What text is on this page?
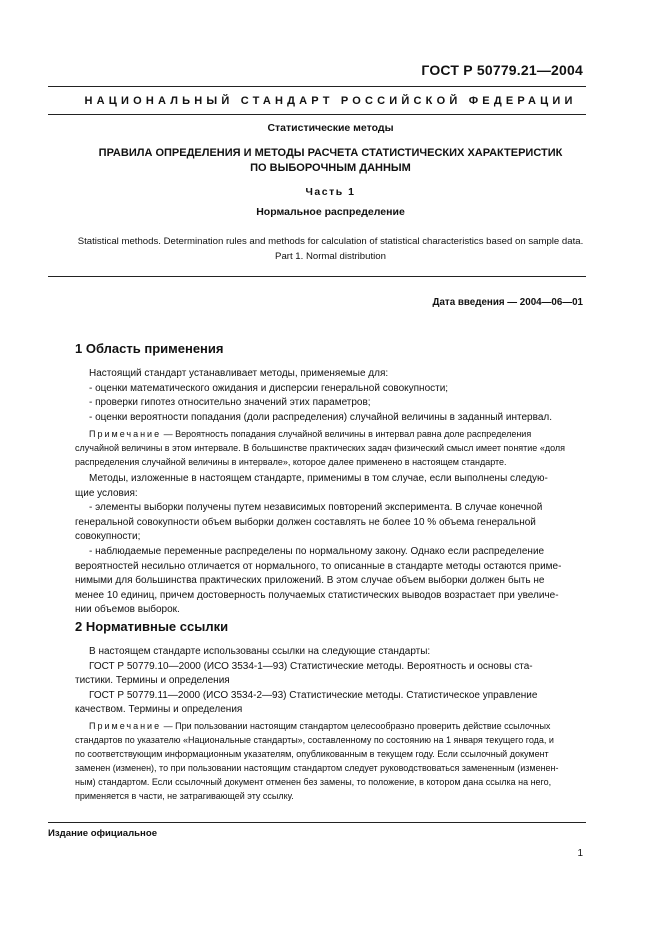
ГОСТ Р 50779.21—2004
НАЦИОНАЛЬНЫЙ СТАНДАРТ РОССИЙСКОЙ ФЕДЕРАЦИИ
Статистические методы
ПРАВИЛА ОПРЕДЕЛЕНИЯ И МЕТОДЫ РАСЧЕТА СТАТИСТИЧЕСКИХ ХАРАКТЕРИСТИК
ПО ВЫБОРОЧНЫМ ДАННЫМ
Часть 1
Нормальное распределение
Statistical methods. Determination rules and methods for calculation of statistical characteristics based on sample data.
Part 1. Normal distribution
Дата введения — 2004—06—01
1 Область применения
Настоящий стандарт устанавливает методы, применяемые для:
- оценки математического ожидания и дисперсии генеральной совокупности;
- проверки гипотез относительно значений этих параметров;
- оценки вероятности попадания (доли распределения) случайной величины в заданный интервал.
Примечание — Вероятность попадания случайной величины в интервал равна доле распределения
случайной величины в этом интервале. В большинстве практических задач физический смысл имеет понятие «доля
распределения случайной величины в интервале», которое далее применено в настоящем стандарте.
Методы, изложенные в настоящем стандарте, применимы в том случае, если выполнены следую-
щие условия:
- элементы выборки получены путем независимых повторений эксперимента. В случае конечной
генеральной совокупности объем выборки должен составлять не более 10 % объема генеральной
совокупности;
- наблюдаемые переменные распределены по нормальному закону. Однако если распределение
вероятностей несильно отличается от нормального, то описанные в стандарте методы остаются приме-
нимыми для большинства практических приложений. В этом случае объем выборки должен быть не
менее 10 единиц, причем достоверность получаемых статистических выводов возрастает при увеличе-
нии объемов выборок.
2 Нормативные ссылки
В настоящем стандарте использованы ссылки на следующие стандарты:
ГОСТ Р 50779.10—2000 (ИСО 3534-1—93) Статистические методы. Вероятность и основы ста-
тистики. Термины и определения
ГОСТ Р 50779.11—2000 (ИСО 3534-2—93) Статистические методы. Статистическое управление
качеством. Термины и определения
Примечание — При пользовании настоящим стандартом целесообразно проверить действие ссылочных
стандартов по указателю «Национальные стандарты», составленному по состоянию на 1 января текущего года, и
по соответствующим информационным указателям, опубликованным в текущем году. Если ссылочный документ
заменен (изменен), то при пользовании настоящим стандартом следует руководствоваться замененным (изменен-
ным) стандартом. Если ссылочный документ отменен без замены, то положение, в котором дана ссылка на него,
применяется в части, не затрагивающей эту ссылку.
Издание официальное
1
